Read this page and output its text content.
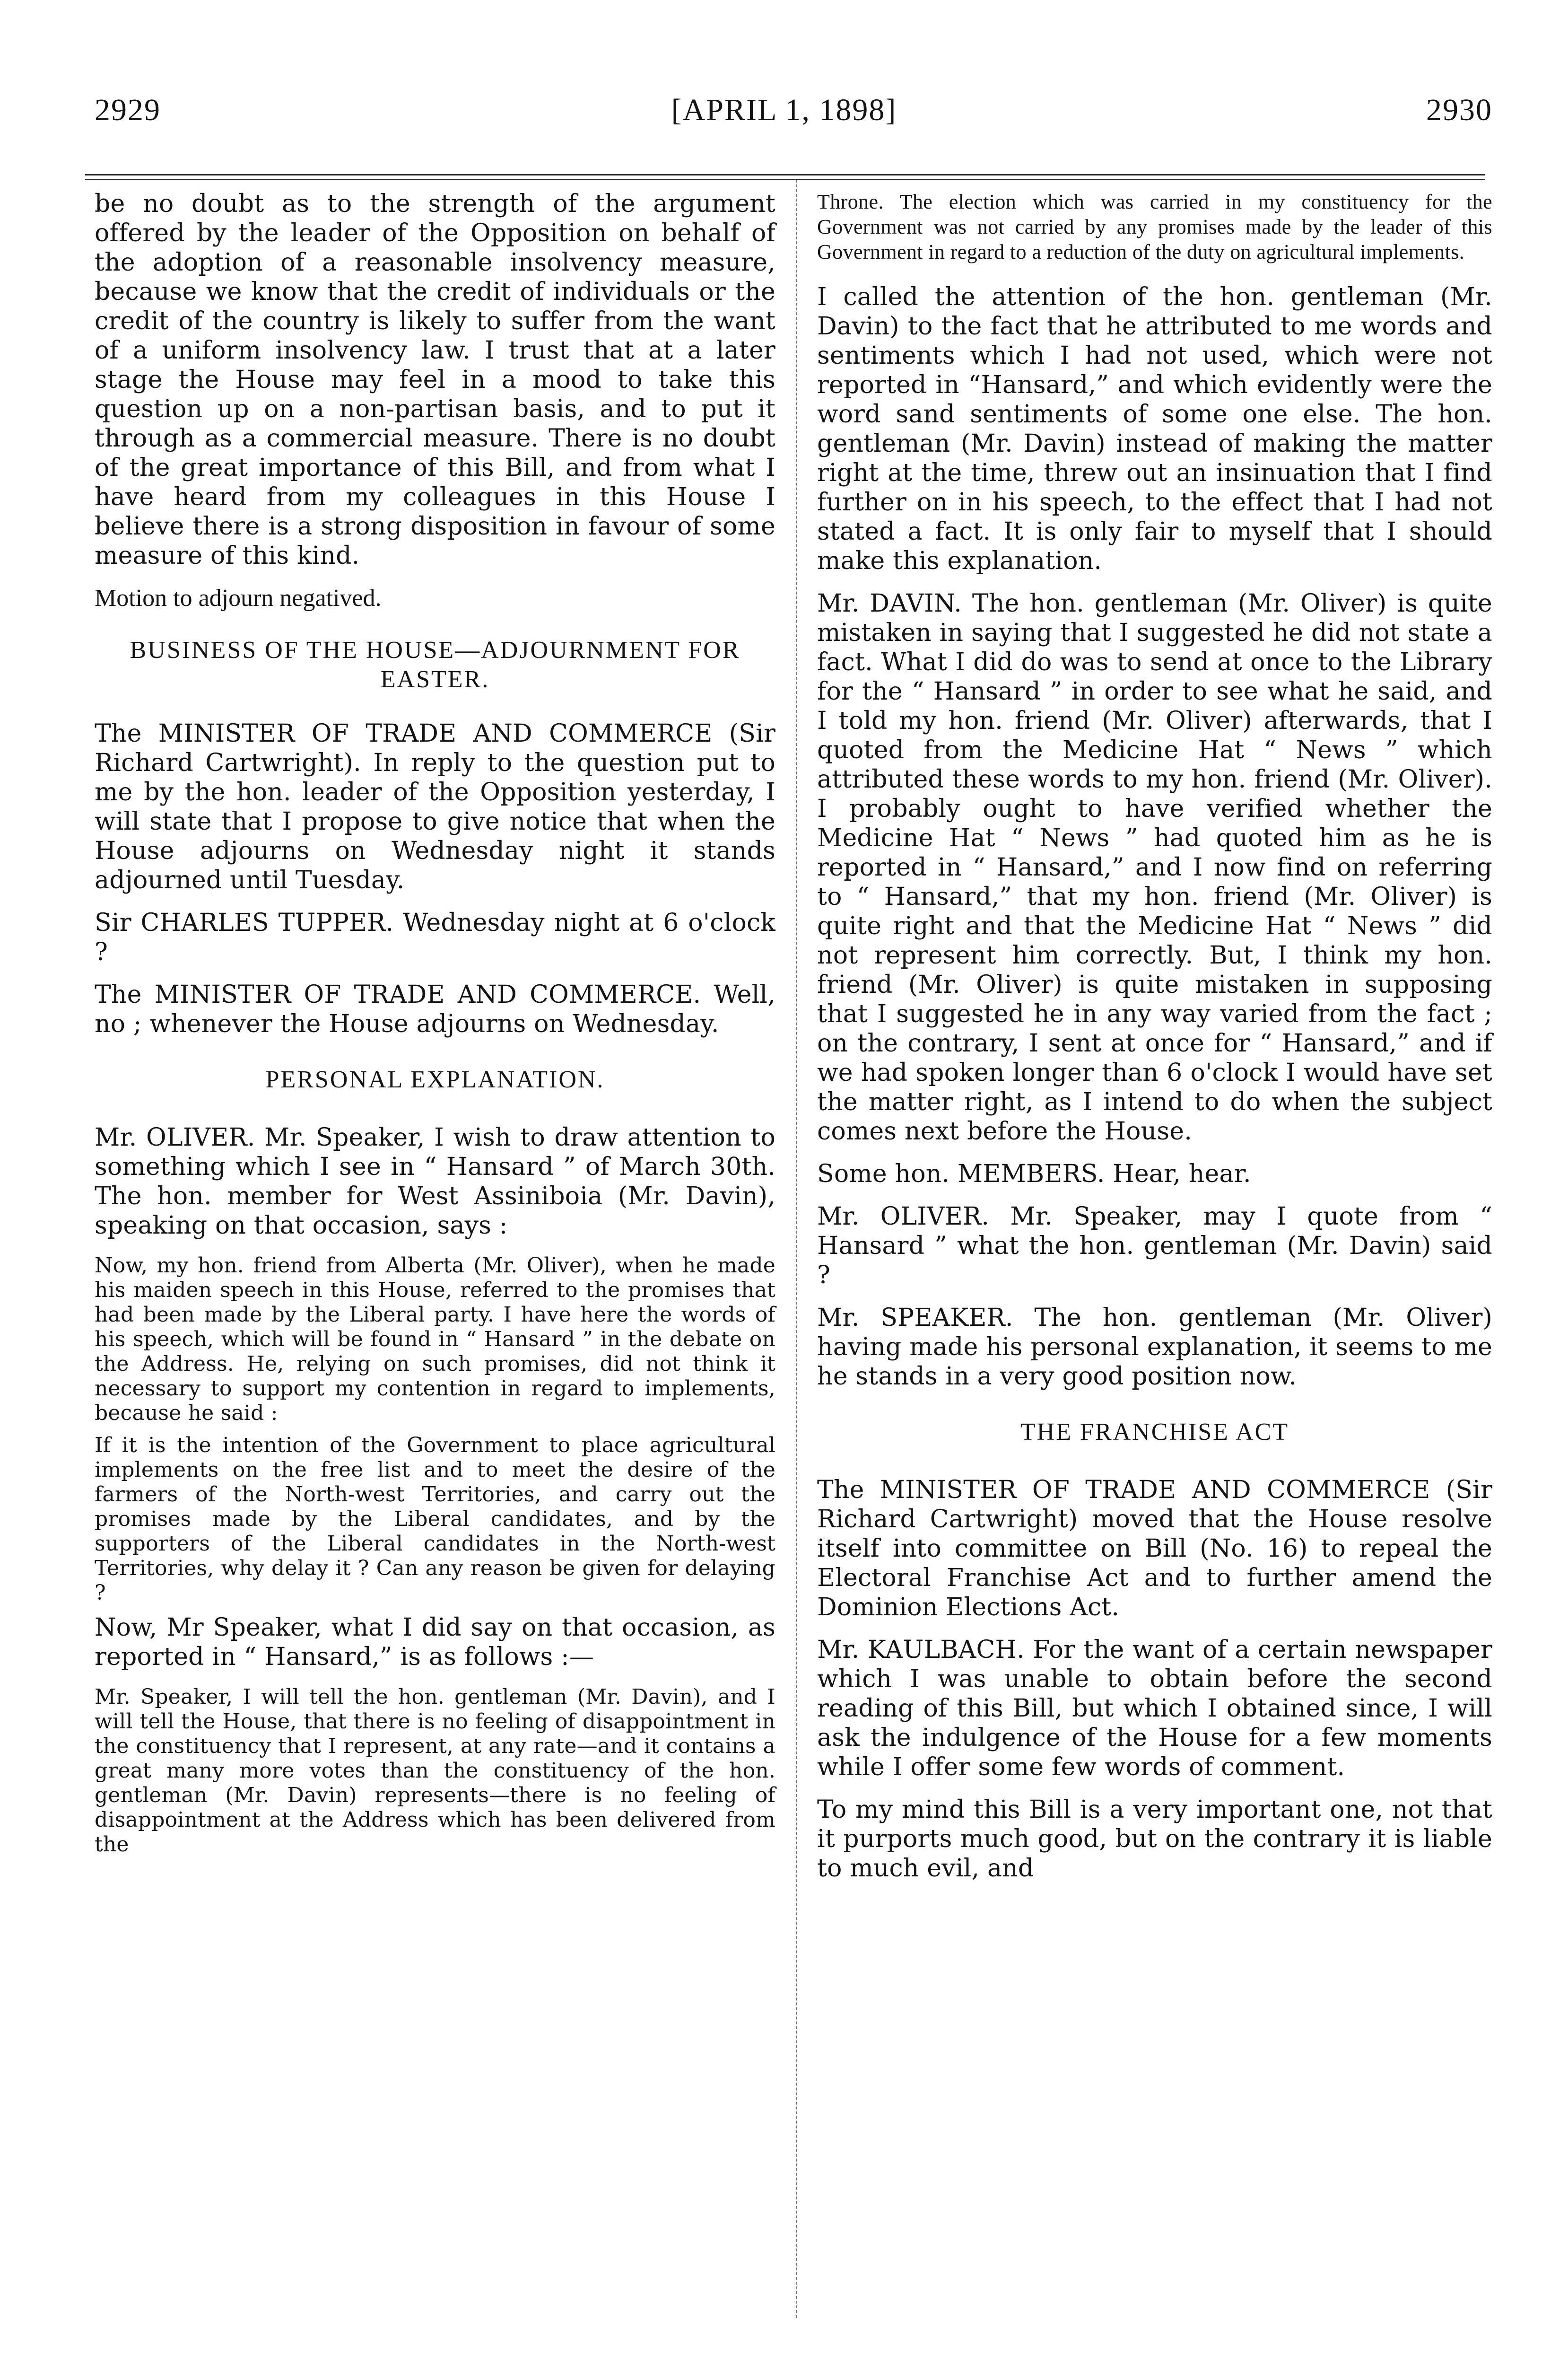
2929	[APRIL 1, 1898]	2930

be no doubt as to the strength of the argument offered by the leader of the Opposition on behalf of the adoption of a reasonable insolvency measure, because we know that the credit of individuals or the credit of the country is likely to suffer from the want of a uniform insolvency law. I trust that at a later stage the House may feel in a mood to take this question up on a non-partisan basis, and to put it through as a commercial measure. There is no doubt of the great importance of this Bill, and from what I have heard from my colleagues in this House I believe there is a strong disposition in favour of some measure of this kind.

Motion to adjourn negatived.

BUSINESS OF THE HOUSE—ADJOURNMENT FOR EASTER.

The MINISTER OF TRADE AND COMMERCE (Sir Richard Cartwright). In reply to the question put to me by the hon. leader of the Opposition yesterday, I will state that I propose to give notice that when the House adjourns on Wednesday night it stands adjourned until Tuesday.

Sir CHARLES TUPPER. Wednesday night at 6 o'clock ?

The MINISTER OF TRADE AND COMMERCE. Well, no ; whenever the House adjourns on Wednesday.

PERSONAL EXPLANATION.

Mr. OLIVER. Mr. Speaker, I wish to draw attention to something which I see in “ Hansard ” of March 30th. The hon. member for West Assiniboia (Mr. Davin), speaking on that occasion, says :

Now, my hon. friend from Alberta (Mr. Oliver), when he made his maiden speech in this House, referred to the promises that had been made by the Liberal party. I have here the words of his speech, which will be found in “ Hansard ” in the debate on the Address. He, relying on such promises, did not think it necessary to support my contention in regard to implements, because he said :

If it is the intention of the Government to place agricultural implements on the free list and to meet the desire of the farmers of the North-west Territories, and carry out the promises made by the Liberal candidates, and by the supporters of the Liberal candidates in the North-west Territories, why delay it ? Can any reason be given for delaying ?

Now, Mr Speaker, what I did say on that occasion, as reported in “ Hansard,” is as follows :—

Mr. Speaker, I will tell the hon. gentleman (Mr. Davin), and I will tell the House, that there is no feeling of disappointment in the constituency that I represent, at any rate—and it contains a great many more votes than the constituency of the hon. gentleman (Mr. Davin) represents—there is no feeling of disappointment at the Address which has been delivered from the

Throne. The election which was carried in my constituency for the Government was not carried by any promises made by the leader of this Government in regard to a reduction of the duty on agricultural implements.

I called the attention of the hon. gentleman (Mr. Davin) to the fact that he attributed to me words and sentiments which I had not used, which were not reported in “Hansard,” and which evidently were the word sand sentiments of some one else. The hon. gentleman (Mr. Davin) instead of making the matter right at the time, threw out an insinuation that I find further on in his speech, to the effect that I had not stated a fact. It is only fair to myself that I should make this explanation.

Mr. DAVIN. The hon. gentleman (Mr. Oliver) is quite mistaken in saying that I suggested he did not state a fact. What I did do was to send at once to the Library for the “ Hansard ” in order to see what he said, and I told my hon. friend (Mr. Oliver) afterwards, that I quoted from the Medicine Hat “ News ” which attributed these words to my hon. friend (Mr. Oliver). I probably ought to have verified whether the Medicine Hat “ News ” had quoted him as he is reported in “ Hansard,” and I now find on referring to “ Hansard,” that my hon. friend (Mr. Oliver) is quite right and that the Medicine Hat “ News ” did not represent him correctly. But, I think my hon. friend (Mr. Oliver) is quite mistaken in supposing that I suggested he in any way varied from the fact ; on the contrary, I sent at once for “ Hansard,” and if we had spoken longer than 6 o'clock I would have set the matter right, as I intend to do when the subject comes next before the House.

Some hon. MEMBERS. Hear, hear.

Mr. OLIVER. Mr. Speaker, may I quote from “ Hansard ” what the hon. gentleman (Mr. Davin) said ?

Mr. SPEAKER. The hon. gentleman (Mr. Oliver) having made his personal explanation, it seems to me he stands in a very good position now.

THE FRANCHISE ACT

The MINISTER OF TRADE AND COMMERCE (Sir Richard Cartwright) moved that the House resolve itself into committee on Bill (No. 16) to repeal the Electoral Franchise Act and to further amend the Dominion Elections Act.

Mr. KAULBACH. For the want of a certain newspaper which I was unable to obtain before the second reading of this Bill, but which I obtained since, I will ask the indulgence of the House for a few moments while I offer some few words of comment.

To my mind this Bill is a very important one, not that it purports much good, but on the contrary it is liable to much evil, and
